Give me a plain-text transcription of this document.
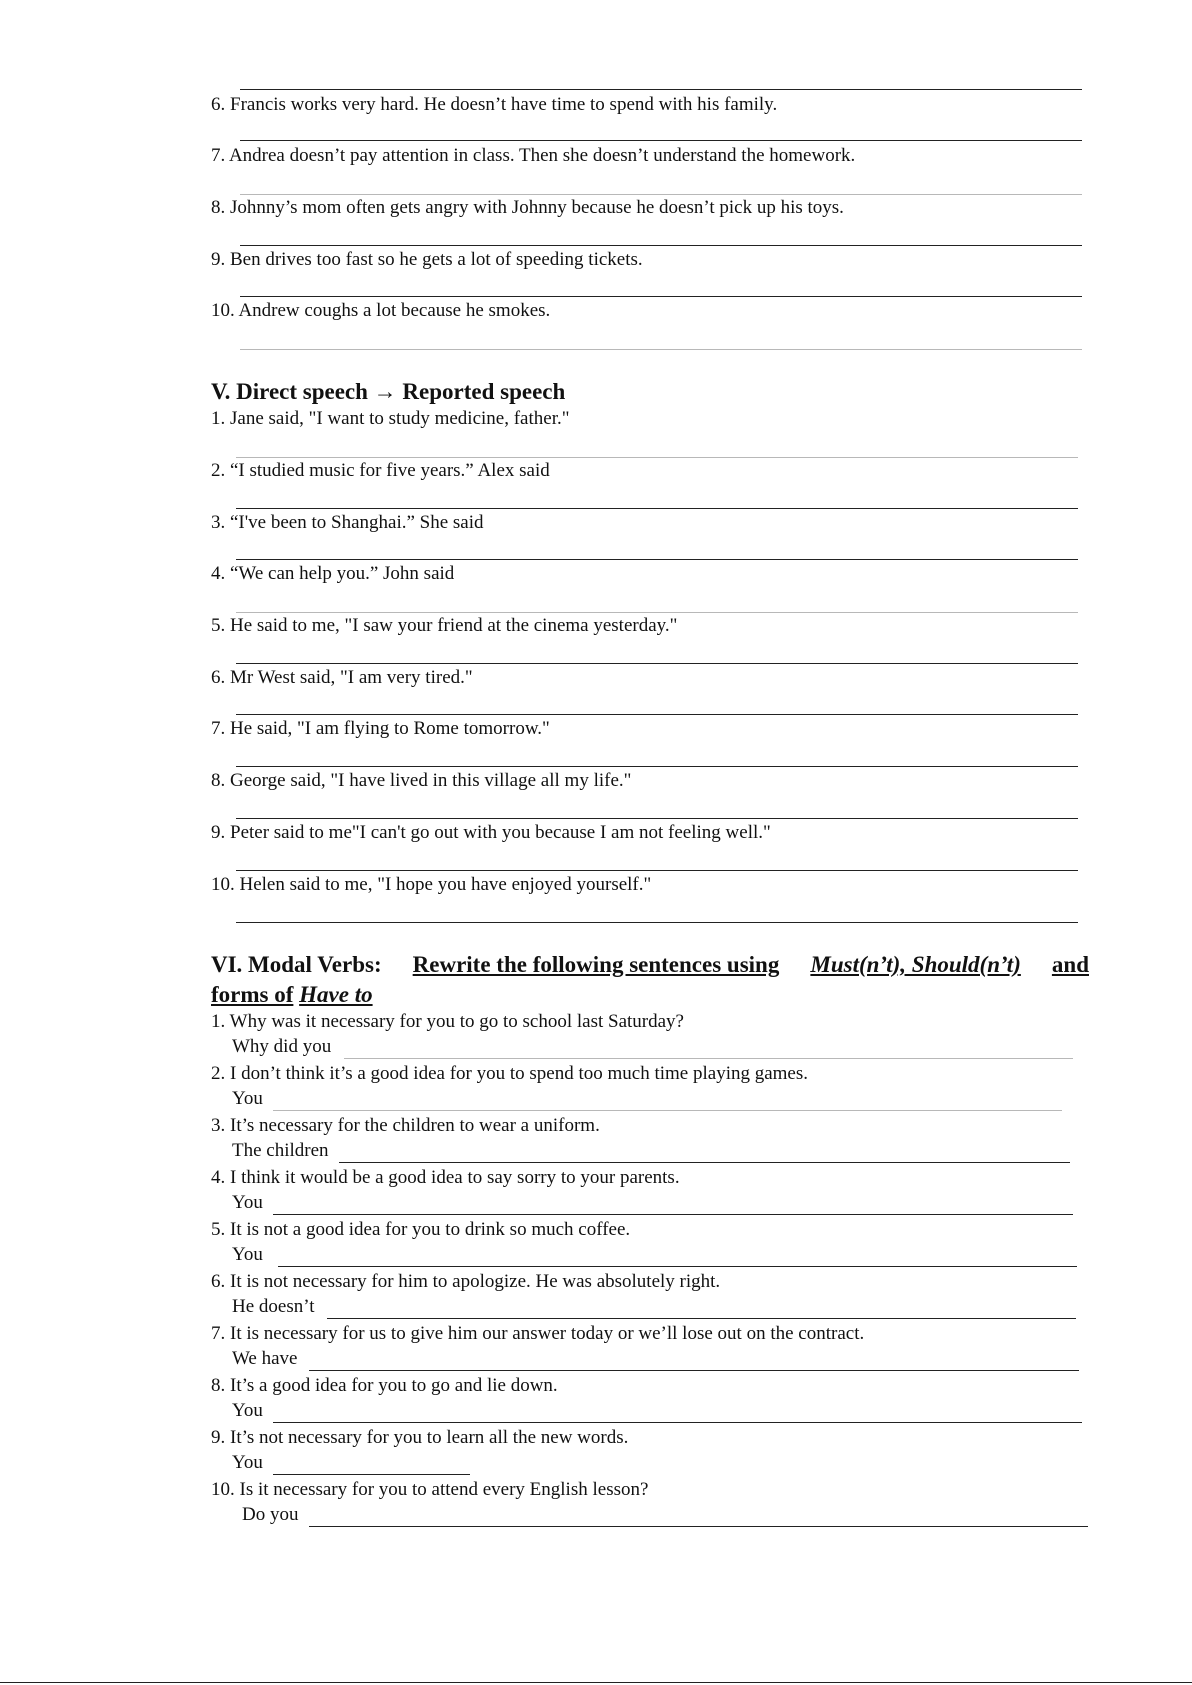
6. Francis works very hard. He doesn’t have time to spend with his family.
7. Andrea doesn’t pay attention in class. Then she doesn’t understand the homework.
8. Johnny’s mom often gets angry with Johnny because he doesn’t pick up his toys.
9. Ben drives too fast so he gets a lot of speeding tickets.
10. Andrew coughs a lot because he smokes.
V. Direct speech → Reported speech
1. Jane said, "I want to study medicine, father."
2. “I studied music for five years.” Alex said
3. “I've been to Shanghai.” She said
4. “We can help you.” John said
5. He said to me, "I saw your friend at the cinema yesterday."
6. Mr West said, "I am very tired."
7. He said, "I am flying to Rome tomorrow."
8. George said, "I have lived in this village all my life."
9. Peter said to me"I can't go out with you because I am not feeling well."
10. Helen said to me, "I hope you have enjoyed yourself."
VI. Modal Verbs: Rewrite the following sentences using Must(n’t), Should(n’t) and
forms of Have to
1. Why was it necessary for you to go to school last Saturday?
Why did you
2. I don’t think it’s a good idea for you to spend too much time playing games.
You
3. It’s necessary for the children to wear a uniform.
The children
4. I think it would be a good idea to say sorry to your parents.
You
5. It is not a good idea for you to drink so much coffee.
You
6. It is not necessary for him to apologize. He was absolutely right.
He doesn’t
7. It is necessary for us to give him our answer today or we’ll lose out on the contract.
We have
8. It’s a good idea for you to go and lie down.
You
9. It’s not necessary for you to learn all the new words.
You
10. Is it necessary for you to attend every English lesson?
Do you
